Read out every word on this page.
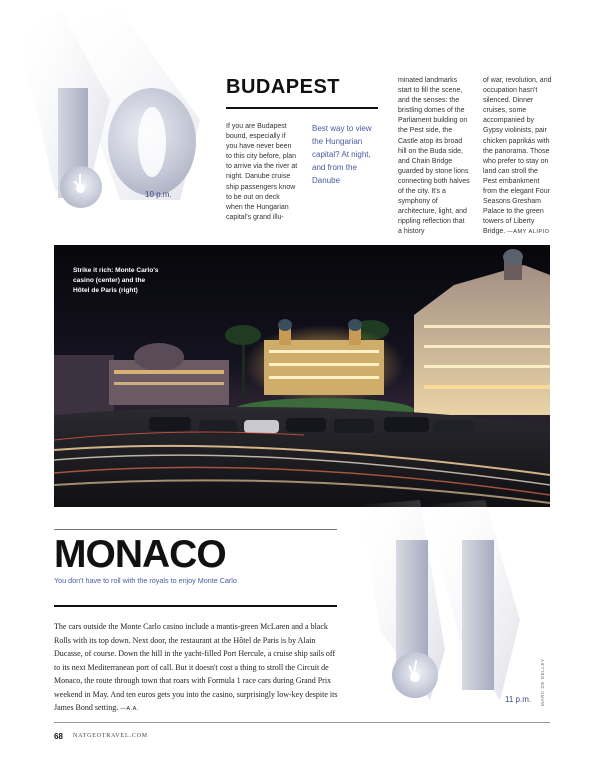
10 p.m.
BUDAPEST

If you are Budapest bound, especially if you have never been to this city before, plan to arrive via the river at night. Danube cruise ship passengers know to be out on deck when the Hungarian capital's grand illu-

Best way to view the Hungarian capital? At night, and from the Danube

minated landmarks start to fill the scene, and the senses: the bristling domes of the Parliament building on the Pest side, the Castle atop its broad hill on the Buda side, and Chain Bridge guarded by stone lions connecting both halves of the city. It's a symphony of architecture, light, and rippling reflection that a history

of war, revolution, and occupation hasn't silenced. Dinner cruises, some accompanied by Gypsy violinists, pair chicken paprikás with the panorama. Those who prefer to stay on land can stroll the Pest embankment from the elegant Four Seasons Gresham Palace to the green towers of Liberty Bridge. —AMY ALIPIO

Strike it rich: Monte Carlo's casino (center) and the Hôtel de Paris (right)

MONACO

You don't have to roll with the royals to enjoy Monte Carlo

The cars outside the Monte Carlo casino include a mantis-green McLaren and a black Rolls with its top down. Next door, the restaurant at the Hôtel de Paris is by Alain Ducasse, of course. Down the hill in the yacht-filled Port Hercule, a cruise ship sails off to its next Mediterranean port of call. But it doesn't cost a thing to stroll the Circuit de Monaco, the route through town that roars with Formula 1 race cars during Grand Prix weekend in May. And ten euros gets you into the casino, surprisingly low-key despite its James Bond setting. —A.A.

11 p.m. MARC DE DELLEY
68 NATGEOTRAVEL.COM
